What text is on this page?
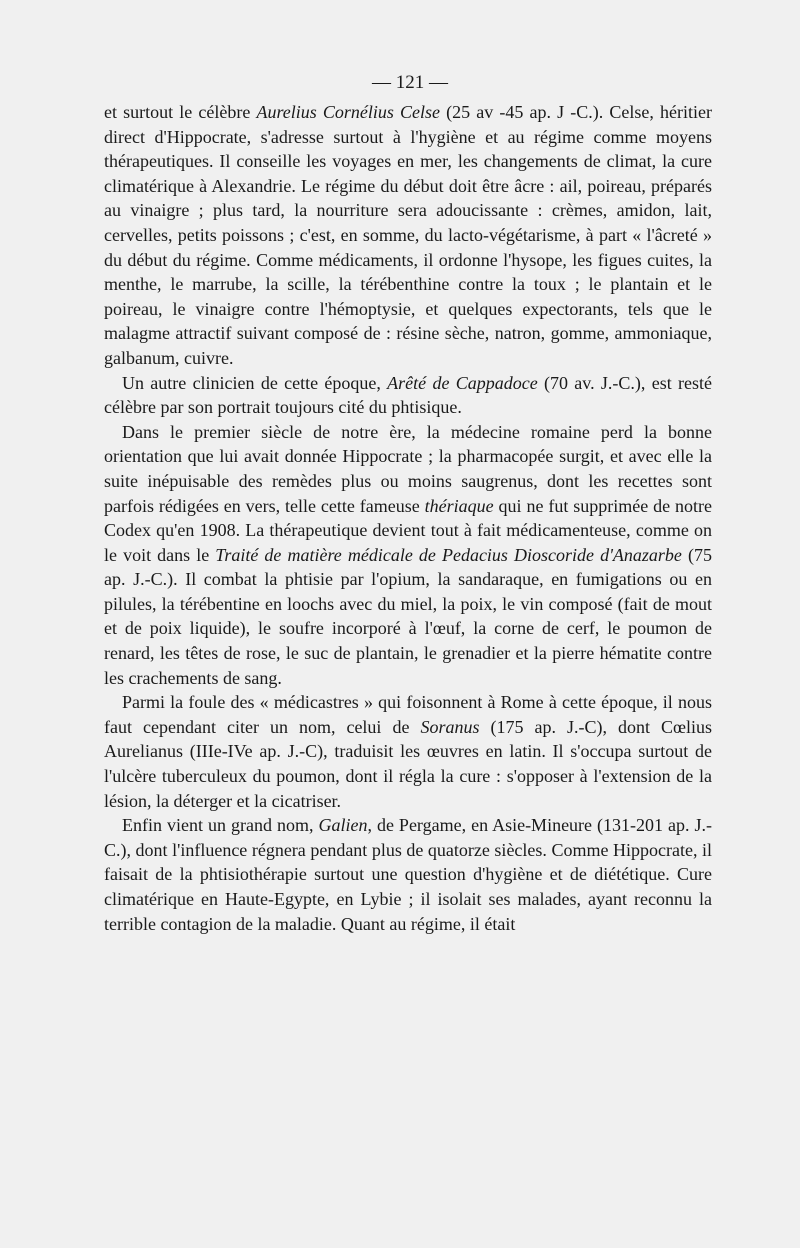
— 121 —

et surtout le célèbre Aurelius Cornélius Celse (25 av -45 ap. J -C.). Celse, héritier direct d'Hippocrate, s'adresse surtout à l'hygiène et au régime comme moyens thérapeutiques. Il conseille les voyages en mer, les changements de climat, la cure climatérique à Alexandrie. Le régime du début doit être âcre : ail, poireau, préparés au vinaigre ; plus tard, la nourriture sera adoucissante : crèmes, amidon, lait, cervelles, petits poissons ; c'est, en somme, du lacto-végétarisme, à part « l'âcreté » du début du régime. Comme médicaments, il ordonne l'hysope, les figues cuites, la menthe, le marrube, la scille, la térébenthine contre la toux ; le plantain et le poireau, le vinaigre contre l'hémoptysie, et quelques expectorants, tels que le malagme attractif suivant composé de : résine sèche, natron, gomme, ammoniaque, galbanum, cuivre.

Un autre clinicien de cette époque, Arêté de Cappadoce (70 av. J.-C.), est resté célèbre par son portrait toujours cité du phtisique.

Dans le premier siècle de notre ère, la médecine romaine perd la bonne orientation que lui avait donnée Hippocrate ; la pharmacopée surgit, et avec elle la suite inépuisable des remèdes plus ou moins saugrenus, dont les recettes sont parfois rédigées en vers, telle cette fameuse thériaque qui ne fut supprimée de notre Codex qu'en 1908. La thérapeutique devient tout à fait médicamenteuse, comme on le voit dans le Traité de matière médicale de Pedacius Dioscoride d'Anazarbe (75 ap. J.-C.). Il combat la phtisie par l'opium, la sandaraque, en fumigations ou en pilules, la térébentine en loochs avec du miel, la poix, le vin composé (fait de mout et de poix liquide), le soufre incorporé à l'œuf, la corne de cerf, le poumon de renard, les têtes de rose, le suc de plantain, le grenadier et la pierre hématite contre les crachements de sang.

Parmi la foule des « médicastres » qui foisonnent à Rome à cette époque, il nous faut cependant citer un nom, celui de Soranus (175 ap. J.-C), dont Cœlius Aurelianus (IIIe-IVe ap. J.-C), traduisit les œuvres en latin. Il s'occupa surtout de l'ulcère tuberculeux du poumon, dont il régla la cure : s'opposer à l'extension de la lésion, la déterger et la cicatriser.

Enfin vient un grand nom, Galien, de Pergame, en Asie-Mineure (131-201 ap. J.-C.), dont l'influence régnera pendant plus de quatorze siècles. Comme Hippocrate, il faisait de la phtisiothérapie surtout une question d'hygiène et de diététique. Cure climatérique en Haute-Egypte, en Lybie ; il isolait ses malades, ayant reconnu la terrible contagion de la maladie. Quant au régime, il était
